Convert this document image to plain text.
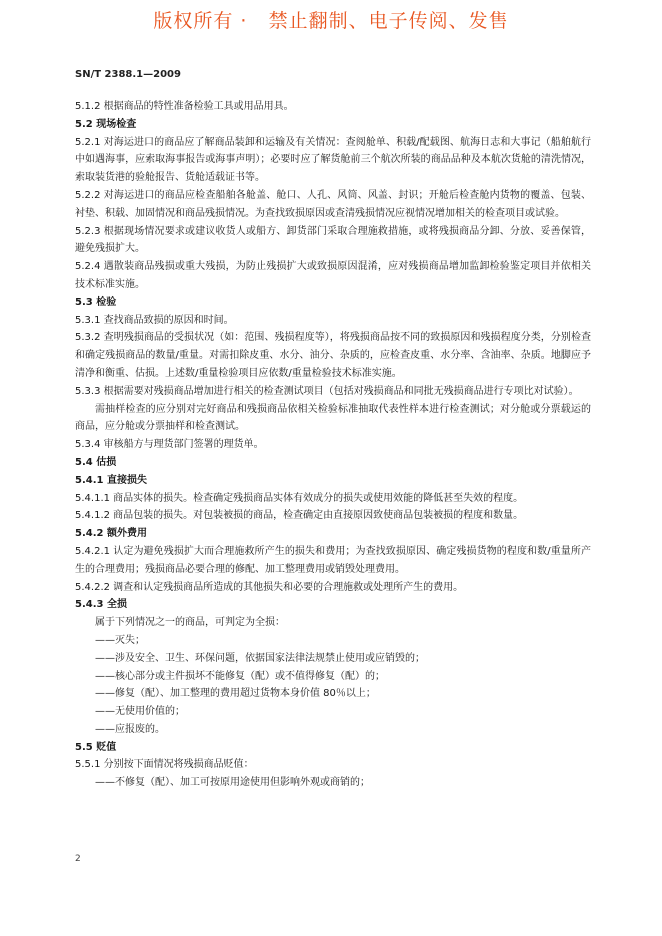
版权所有 ·   禁止翻制、电子传阅、发售
SN/T 2388.1—2009

5.1.2 根据商品的特性准备检验工具或用品用具。

5.2 现场检查

5.2.1 对海运进口的商品应了解商品装卸和运输及有关情况：查阅舱单、积载/配载图、航海日志和大事记（船舶航行中如遇海事，应索取海事报告或海事声明）；必要时应了解货舱前三个航次所装的商品品种及本航次货舱的清洗情况，索取装货港的验舱报告、货舱适载证书等。

5.2.2 对海运进口的商品应检查船舶各舱盖、舱口、人孔、风筒、风盖、封识；开舱后检查舱内货物的覆盖、包装、衬垫、积载、加固情况和商品残损情况。为查找致损原因或查清残损情况应视情况增加相关的检查项目或试验。

5.2.3 根据现场情况要求或建议收货人或船方、卸货部门采取合理施救措施，或将残损商品分卸、分放、妥善保管，避免残损扩大。

5.2.4 遇散装商品残损或重大残损，为防止残损扩大或致损原因混淆，应对残损商品增加监卸检验鉴定项目并依相关技术标准实施。

5.3 检验

5.3.1 查找商品致损的原因和时间。

5.3.2 查明残损商品的受损状况（如：范围、残损程度等），将残损商品按不同的致损原因和残损程度分类，分别检查和确定残损商品的数量/重量。对需扣除皮重、水分、油分、杂质的，应检查皮重、水分率、含油率、杂质。地脚应予清净和衡重、估损。上述数/重量检验项目应依数/重量检验技术标准实施。

5.3.3 根据需要对残损商品增加进行相关的检查测试项目（包括对残损商品和同批无残损商品进行专项比对试验）。

需抽样检查的应分别对完好商品和残损商品依相关检验标准抽取代表性样本进行检查测试；对分舱或分票载运的商品，应分舱或分票抽样和检查测试。

5.3.4 审核船方与理货部门签署的理货单。

5.4 估损

5.4.1 直接损失

5.4.1.1 商品实体的损失。检查确定残损商品实体有效成分的损失或使用效能的降低甚至失效的程度。

5.4.1.2 商品包装的损失。对包装被损的商品，检查确定由直接原因致使商品包装被损的程度和数量。

5.4.2 额外费用

5.4.2.1 认定为避免残损扩大而合理施救所产生的损失和费用；为查找致损原因、确定残损货物的程度和数/重量所产生的合理费用；残损商品必要合理的修配、加工整理费用或销毁处理费用。

5.4.2.2 调查和认定残损商品所造成的其他损失和必要的合理施救或处理所产生的费用。

5.4.3 全损

属于下列情况之一的商品，可判定为全损：

——灭失；

——涉及安全、卫生、环保问题，依据国家法律法规禁止使用或应销毁的；

——核心部分或主件损坏不能修复（配）或不值得修复（配）的；

——修复（配）、加工整理的费用超过货物本身价值 80％以上；

——无使用价值的；

——应报废的。

5.5 贬值

5.5.1 分别按下面情况将残损商品贬值：

——不修复（配）、加工可按原用途使用但影响外观或商销的；

2
